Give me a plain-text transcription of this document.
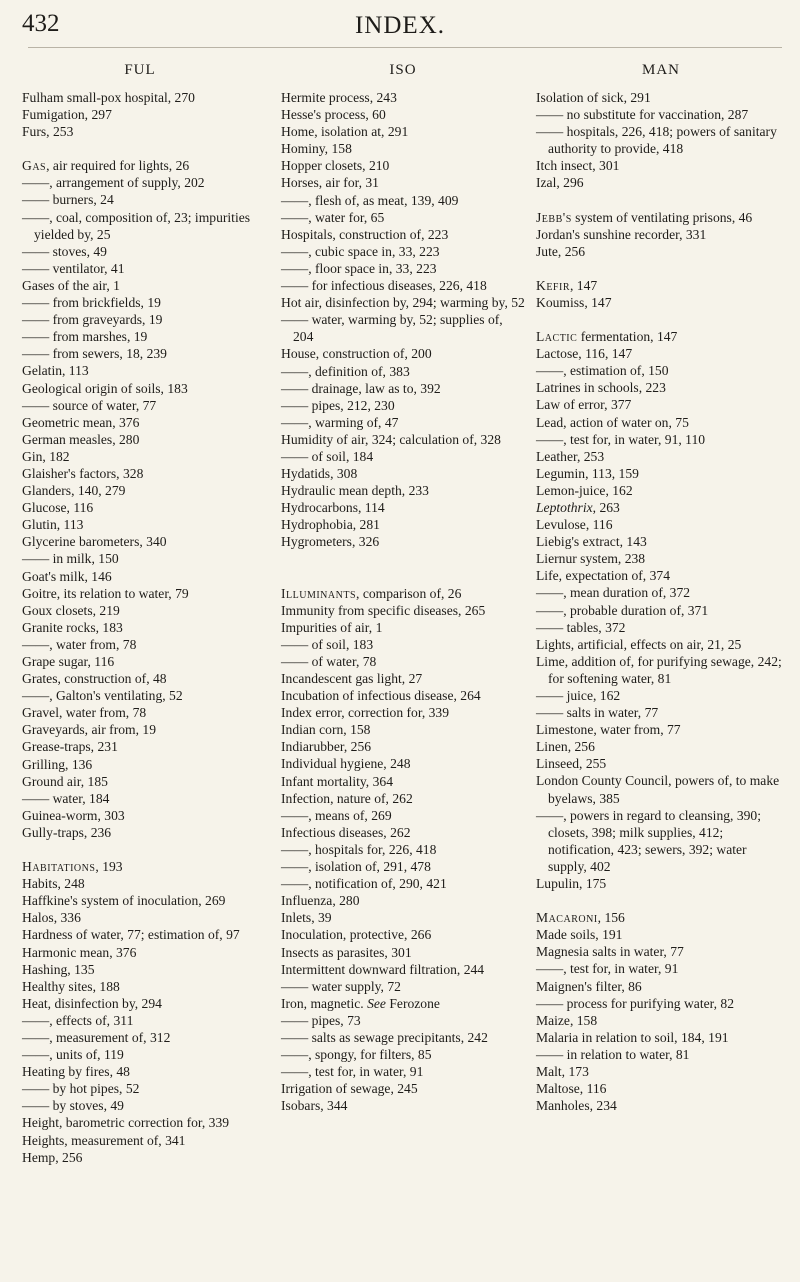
432	INDEX.
FUL
Fulham small-pox hospital, 270
Fumigation, 297
Furs, 253
Gas, air required for lights, 26
——, arrangement of supply, 202
—— burners, 24
——, coal, composition of, 23; impurities yielded by, 25
—— stoves, 49
—— ventilator, 41
Gases of the air, 1
—— from brickfields, 19
—— from graveyards, 19
—— from marshes, 19
—— from sewers, 18, 239
Gelatin, 113
Geological origin of soils, 183
—— source of water, 77
Geometric mean, 376
German measles, 280
Gin, 182
Glaisher's factors, 328
Glanders, 140, 279
Glucose, 116
Glutin, 113
Glycerine barometers, 340
—— in milk, 150
Goat's milk, 146
Goitre, its relation to water, 79
Goux closets, 219
Granite rocks, 183
——, water from, 78
Grape sugar, 116
Grates, construction of, 48
——, Galton's ventilating, 52
Gravel, water from, 78
Graveyards, air from, 19
Grease-traps, 231
Grilling, 136
Ground air, 185
—— water, 184
Guinea-worm, 303
Gully-traps, 236
Habitations, 193
Habits, 248
Haffkine's system of inoculation, 269
Halos, 336
Hardness of water, 77; estimation of, 97
Harmonic mean, 376
Hashing, 135
Healthy sites, 188
Heat, disinfection by, 294
——, effects of, 311
——, measurement of, 312
——, units of, 119
Heating by fires, 48
—— by hot pipes, 52
—— by stoves, 49
Height, barometric correction for, 339
Heights, measurement of, 341
Hemp, 256
ISO
Hermite process, 243
Hesse's process, 60
Home, isolation at, 291
Hominy, 158
Hopper closets, 210
Horses, air for, 31
——, flesh of, as meat, 139, 409
——, water for, 65
Hospitals, construction of, 223
——, cubic space in, 33, 223
——, floor space in, 33, 223
—— for infectious diseases, 226, 418
Hot air, disinfection by, 294; warming by, 52
—— water, warming by, 52; supplies of, 204
House, construction of, 200
——, definition of, 383
—— drainage, law as to, 392
—— pipes, 212, 230
——, warming of, 47
Humidity of air, 324; calculation of, 328
—— of soil, 184
Hydatids, 308
Hydraulic mean depth, 233
Hydrocarbons, 114
Hydrophobia, 281
Hygrometers, 326
Illuminants, comparison of, 26
Immunity from specific diseases, 265
Impurities of air, 1
—— of soil, 183
—— of water, 78
Incandescent gas light, 27
Incubation of infectious disease, 264
Index error, correction for, 339
Indian corn, 158
Indiarubber, 256
Individual hygiene, 248
Infant mortality, 364
Infection, nature of, 262
——, means of, 269
Infectious diseases, 262
——, hospitals for, 226, 418
——, isolation of, 291, 478
——, notification of, 290, 421
Influenza, 280
Inlets, 39
Inoculation, protective, 266
Insects as parasites, 301
Intermittent downward filtration, 244
—— water supply, 72
Iron, magnetic. See Ferozone
—— pipes, 73
—— salts as sewage precipitants, 242
——, spongy, for filters, 85
——, test for, in water, 91
Irrigation of sewage, 245
Isobars, 344
MAN
Isolation of sick, 291
—— no substitute for vaccination, 287
—— hospitals, 226, 418; powers of sanitary authority to provide, 418
Itch insect, 301
Izal, 296
Jebb's system of ventilating prisons, 46
Jordan's sunshine recorder, 331
Jute, 256
Kefir, 147
Koumiss, 147
Lactic fermentation, 147
Lactose, 116, 147
——, estimation of, 150
Latrines in schools, 223
Law of error, 377
Lead, action of water on, 75
——, test for, in water, 91, 110
Leather, 253
Legumin, 113, 159
Lemon-juice, 162
Leptothrix, 263
Levulose, 116
Liebig's extract, 143
Liernur system, 238
Life, expectation of, 374
——, mean duration of, 372
——, probable duration of, 371
—— tables, 372
Lights, artificial, effects on air, 21, 25
Lime, addition of, for purifying sewage, 242; for softening water, 81
—— juice, 162
—— salts in water, 77
Limestone, water from, 77
Linen, 256
Linseed, 255
London County Council, powers of, to make byelaws, 385
——, powers in regard to cleansing, 390; closets, 398; milk supplies, 412; notification, 423; sewers, 392; water supply, 402
Lupulin, 175
Macaroni, 156
Made soils, 191
Magnesia salts in water, 77
——, test for, in water, 91
Maignen's filter, 86
—— process for purifying water, 82
Maize, 158
Malaria in relation to soil, 184, 191
—— in relation to water, 81
Malt, 173
Maltose, 116
Manholes, 234
